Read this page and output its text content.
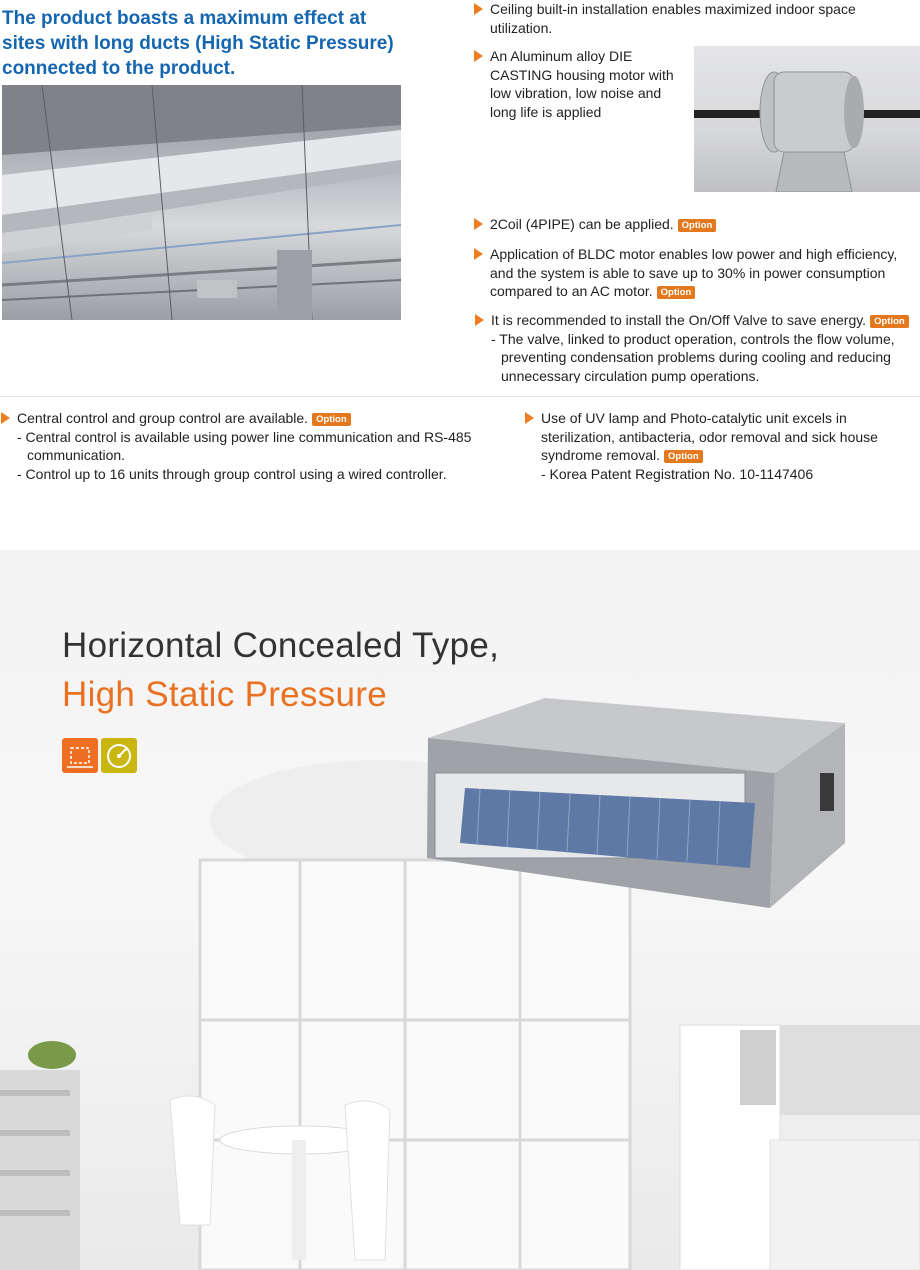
The product boasts a maximum effect at sites with long ducts (High Static Pressure) connected to the product.
Ceiling built-in installation enables maximized indoor space utilization.
An Aluminum alloy DIE CASTING housing motor with low vibration, low noise and long life is applied
2Coil (4PIPE) can be applied. Option
Application of BLDC motor enables low power and high efficiency, and the system is able to save up to 30% in power consumption compared to an AC motor. Option
It is recommended to install the On/Off Valve to save energy. Option
- The valve, linked to product operation, controls the flow volume, preventing condensation problems during cooling and reducing unnecessary circulation pump operations.
Central control and group control are available. Option
- Central control is available using power line communication and RS-485 communication.
- Control up to 16 units through group control using a wired controller.
Use of UV lamp and Photo-catalytic unit excels in sterilization, antibacteria, odor removal and sick house syndrome removal. Option
- Korea Patent Registration No. 10-1147406
Horizontal Concealed Type,
High Static Pressure
